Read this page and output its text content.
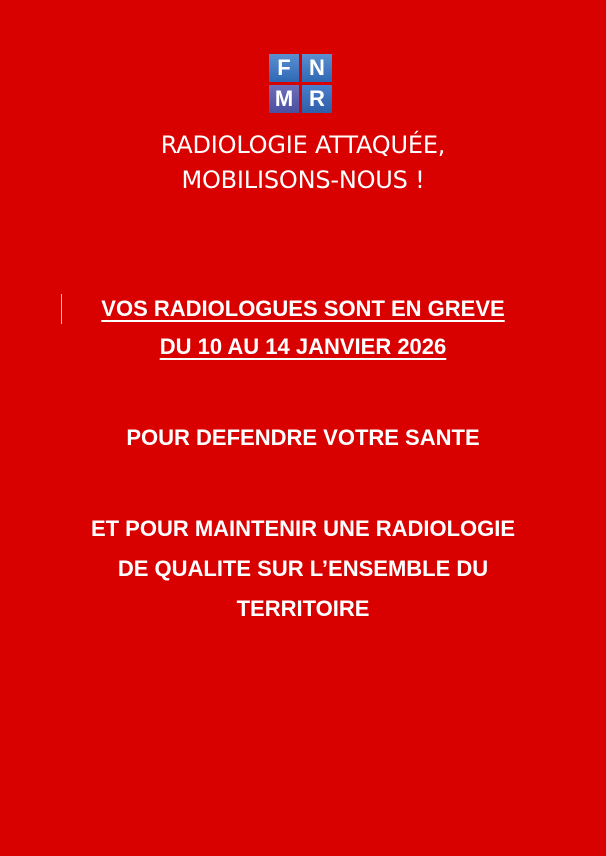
F N
M R
RADIOLOGIE ATTAQUÉE,
MOBILISONS-NOUS !
VOS RADIOLOGUES SONT EN GREVE
DU 10 AU 14 JANVIER 2026
POUR DEFENDRE VOTRE SANTE
ET POUR MAINTENIR UNE RADIOLOGIE
DE QUALITE SUR L’ENSEMBLE DU
TERRITOIRE
